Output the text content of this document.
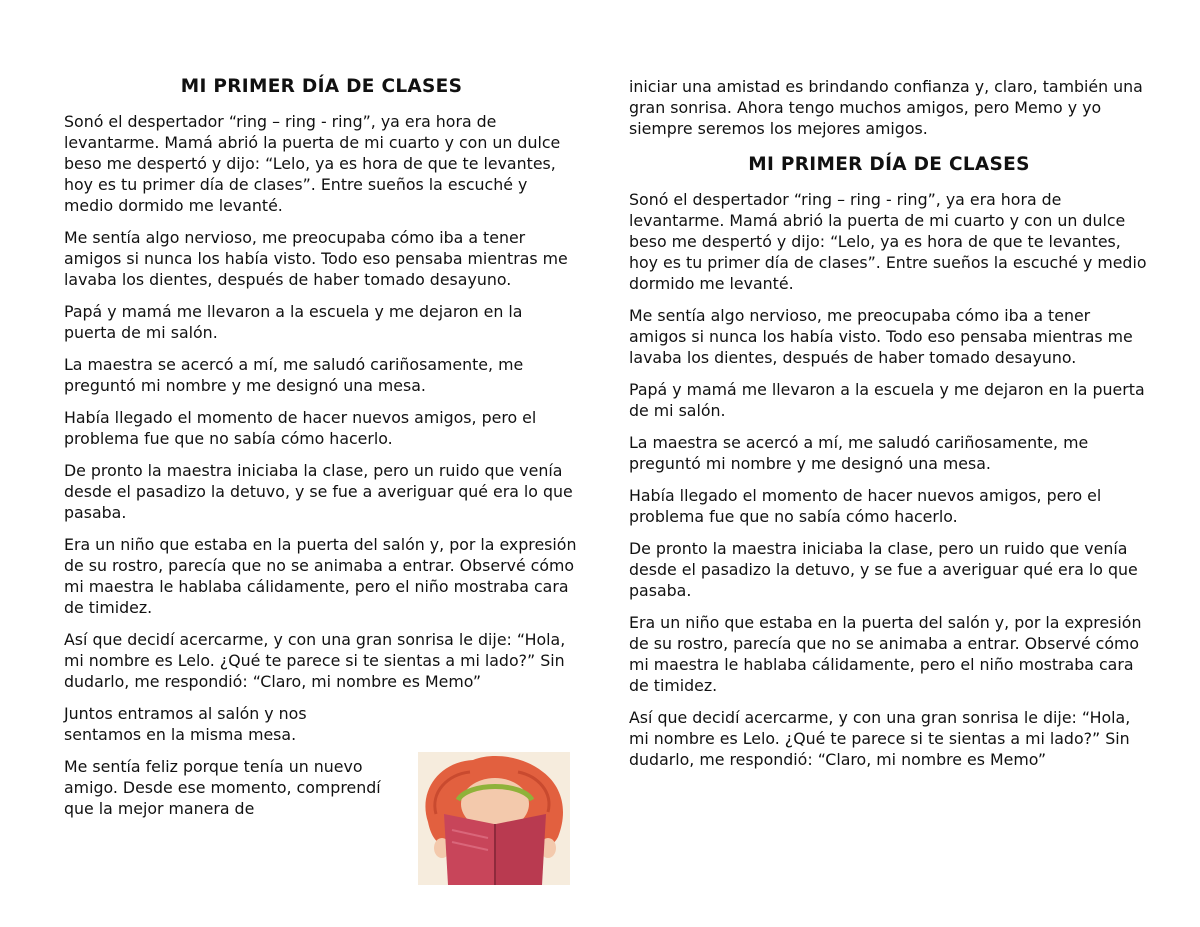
MI PRIMER DÍA DE CLASES

Sonó el despertador “ring – ring - ring”, ya era hora de levantarme. Mamá abrió la puerta de mi cuarto y con un dulce beso me despertó y dijo: “Lelo, ya es hora de que te levantes, hoy es tu primer día de clases”. Entre sueños la escuché y medio dormido me levanté.

Me sentía algo nervioso, me preocupaba cómo iba a tener amigos si nunca los había visto. Todo eso pensaba mientras me lavaba los dientes, después de haber tomado desayuno.

Papá y mamá me llevaron a la escuela y me dejaron en la puerta de mi salón.

La maestra se acercó a mí, me saludó cariñosamente, me preguntó mi nombre y me designó una mesa.

Había llegado el momento de hacer nuevos amigos, pero el problema fue que no sabía cómo hacerlo.

De pronto la maestra iniciaba la clase, pero un ruido que venía desde el pasadizo la detuvo, y se fue a averiguar qué era lo que pasaba.

Era un niño que estaba en la puerta del salón y, por la expresión de su rostro, parecía que no se animaba a entrar. Observé cómo mi maestra le hablaba cálidamente, pero el niño mostraba cara de timidez.

Así que decidí acercarme, y con una gran sonrisa le dije: “Hola, mi nombre es Lelo. ¿Qué te parece si te sientas a mi lado?” Sin dudarlo, me respondió: “Claro, mi nombre es Memo”

Juntos entramos al salón y nos sentamos en la misma mesa.

Me sentía feliz porque tenía un nuevo amigo. Desde ese momento, comprendí que la mejor manera de

iniciar una amistad es brindando confianza y, claro, también una gran sonrisa. Ahora tengo muchos amigos, pero Memo y yo siempre seremos los mejores amigos.

MI PRIMER DÍA DE CLASES

Sonó el despertador “ring – ring - ring”, ya era hora de levantarme. Mamá abrió la puerta de mi cuarto y con un dulce beso me despertó y dijo: “Lelo, ya es hora de que te levantes, hoy es tu primer día de clases”. Entre sueños la escuché y medio dormido me levanté.

Me sentía algo nervioso, me preocupaba cómo iba a tener amigos si nunca los había visto. Todo eso pensaba mientras me lavaba los dientes, después de haber tomado desayuno.

Papá y mamá me llevaron a la escuela y me dejaron en la puerta de mi salón.

La maestra se acercó a mí, me saludó cariñosamente, me preguntó mi nombre y me designó una mesa.

Había llegado el momento de hacer nuevos amigos, pero el problema fue que no sabía cómo hacerlo.

De pronto la maestra iniciaba la clase, pero un ruido que venía desde el pasadizo la detuvo, y se fue a averiguar qué era lo que pasaba.

Era un niño que estaba en la puerta del salón y, por la expresión de su rostro, parecía que no se animaba a entrar. Observé cómo mi maestra le hablaba cálidamente, pero el niño mostraba cara de timidez.

Así que decidí acercarme, y con una gran sonrisa le dije: “Hola, mi nombre es Lelo. ¿Qué te parece si te sientas a mi lado?” Sin dudarlo, me respondió: “Claro, mi nombre es Memo”
